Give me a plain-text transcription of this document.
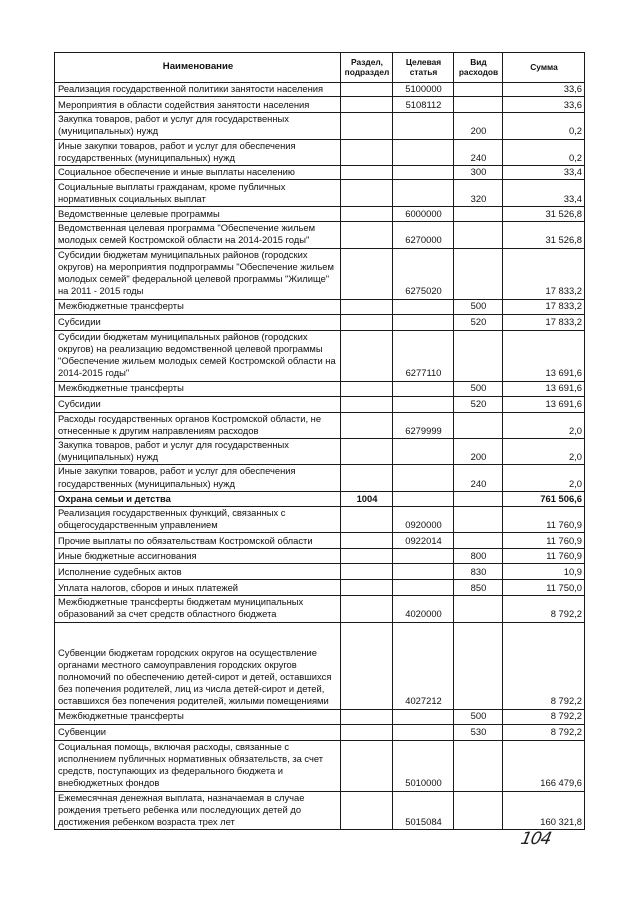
Наименование	Раздел, подраздел	Целевая статья	Вид расходов	Сумма
Реализация государственной политики занятости населения		5100000		33,6
Мероприятия в области содействия занятости населения		5108112		33,6
Закупка товаров, работ и услуг для государственных (муниципальных) нужд			200	0,2
Иные закупки товаров, работ и услуг для обеспечения государственных (муниципальных) нужд			240	0,2
Социальное обеспечение и иные выплаты населению			300	33,4
Социальные выплаты гражданам, кроме публичных нормативных социальных выплат			320	33,4
Ведомственные целевые программы		6000000		31 526,8
Ведомственная целевая программа "Обеспечение жильем молодых семей Костромской области на 2014-2015 годы"		6270000		31 526,8
Субсидии бюджетам муниципальных районов (городских округов) на мероприятия подпрограммы "Обеспечение жильем молодых семей" федеральной целевой программы "Жилище" на 2011 - 2015 годы		6275020		17 833,2
Межбюджетные трансферты			500	17 833,2
Субсидии			520	17 833,2
Субсидии бюджетам муниципальных районов (городских округов) на реализацию ведомственной целевой программы "Обеспечение жильем молодых семей Костромской области на 2014-2015 годы"		6277110		13 691,6
Межбюджетные трансферты			500	13 691,6
Субсидии			520	13 691,6
Расходы государственных органов Костромской области, не отнесенные к другим направлениям расходов		6279999		2,0
Закупка товаров, работ и услуг для государственных (муниципальных) нужд			200	2,0
Иные закупки товаров, работ и услуг для обеспечения государственных (муниципальных) нужд			240	2,0
Охрана семьи и детства	1004			761 506,6
Реализация государственных функций, связанных с общегосударственным управлением		0920000		11 760,9
Прочие выплаты по обязательствам Костромской области		0922014		11 760,9
Иные бюджетные ассигнования			800	11 760,9
Исполнение судебных актов			830	10,9
Уплата налогов, сборов и иных платежей			850	11 750,0
Межбюджетные трансферты бюджетам муниципальных образований за счет средств областного бюджета		4020000		8 792,2
Субвенции бюджетам городских округов на осуществление органами местного самоуправления городских округов полномочий по обеспечению детей-сирот и детей, оставшихся без попечения родителей, лиц из числа детей-сирот и детей, оставшихся без попечения родителей, жилыми помещениями		4027212		8 792,2
Межбюджетные трансферты			500	8 792,2
Субвенции			530	8 792,2
Социальная помощь, включая расходы, связанные с исполнением публичных нормативных обязательств, за счет средств, поступающих из федерального бюджета и внебюджетных фондов		5010000		166 479,6
Ежемесячная денежная выплата, назначаемая в случае рождения третьего ребенка или последующих детей до достижения ребенком возраста трех лет		5015084		160 321,8
104
